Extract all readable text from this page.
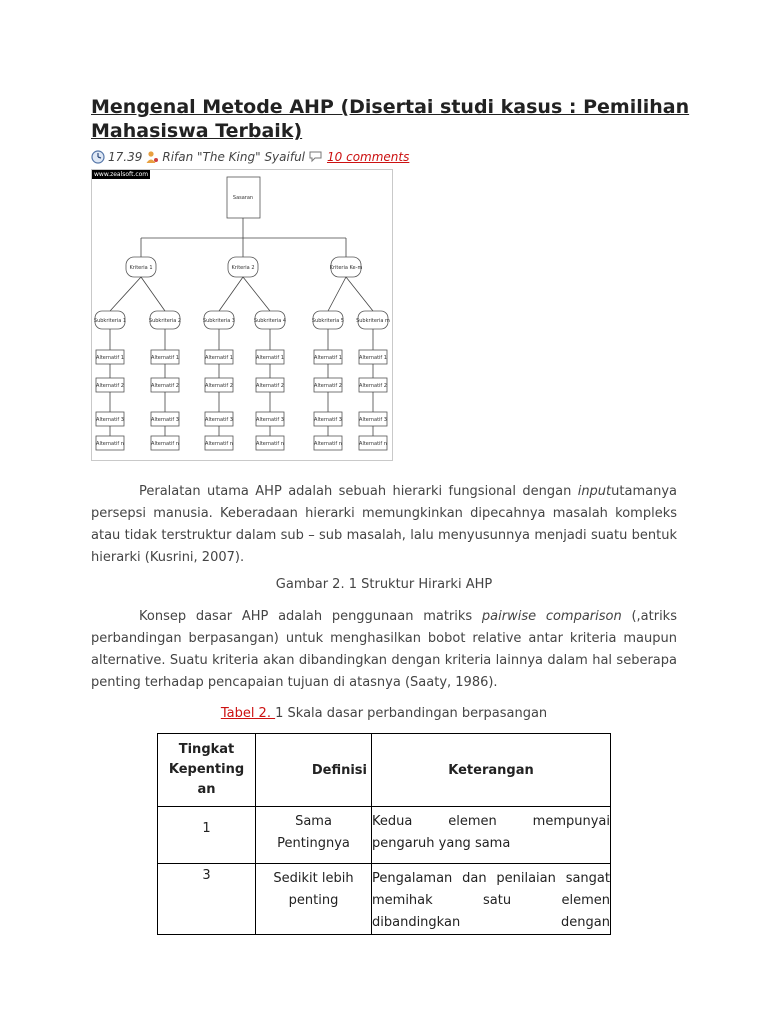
Mengenal Metode AHP (Disertai studi kasus : Pemilihan Mahasiswa Terbaik)
17.39 Rifan "The King" Syaiful 10 comments
www.zealsoft.com
Sasaran
Kriteria 1	Kriteria 2	Kriteria Ke-m
Subkriteria 1	Subkriteria 2	Subkriteria 3	Subkriteria 4	Subkriteria 5 Subkriteria m
Alternatif 1
Alternatif 2
Alternatif 3
Alternatif n
Alternatif 1
Alternatif 2
Alternatif 3
Alternatif n
Alternatif 1
Alternatif 2
Alternatif 3
Alternatif n
Alternatif 1
Alternatif 2
Alternatif 3
Alternatif n
Alternatif 1
Alternatif 2
Alternatif 3
Alternatif n
Alternatif 1
Alternatif 2
Alternatif 3
Alternatif n

Peralatan utama AHP adalah sebuah hierarki fungsional dengan inpututamanya persepsi manusia. Keberadaan hierarki memungkinkan dipecahnya masalah kompleks atau tidak terstruktur dalam sub – sub masalah, lalu menyusunnya menjadi suatu bentuk hierarki (Kusrini, 2007).

Gambar 2. 1 Struktur Hirarki AHP

Konsep dasar AHP adalah penggunaan matriks pairwise comparison (,atriks perbandingan berpasangan) untuk menghasilkan bobot relative antar kriteria maupun alternative. Suatu kriteria akan dibandingkan dengan kriteria lainnya dalam hal seberapa penting terhadap pencapaian tujuan di atasnya (Saaty, 1986).

Tabel 2. 1 Skala dasar perbandingan berpasangan

Tingkat Kepenting an	Definisi	Keterangan
1	Sama Pentingnya	Kedua elemen mempunyai
pengaruh yang sama

3	Sedikit lebih penting	Pengalaman dan penilaian sangat
memihak satu elemen
dibandingkan dengan
